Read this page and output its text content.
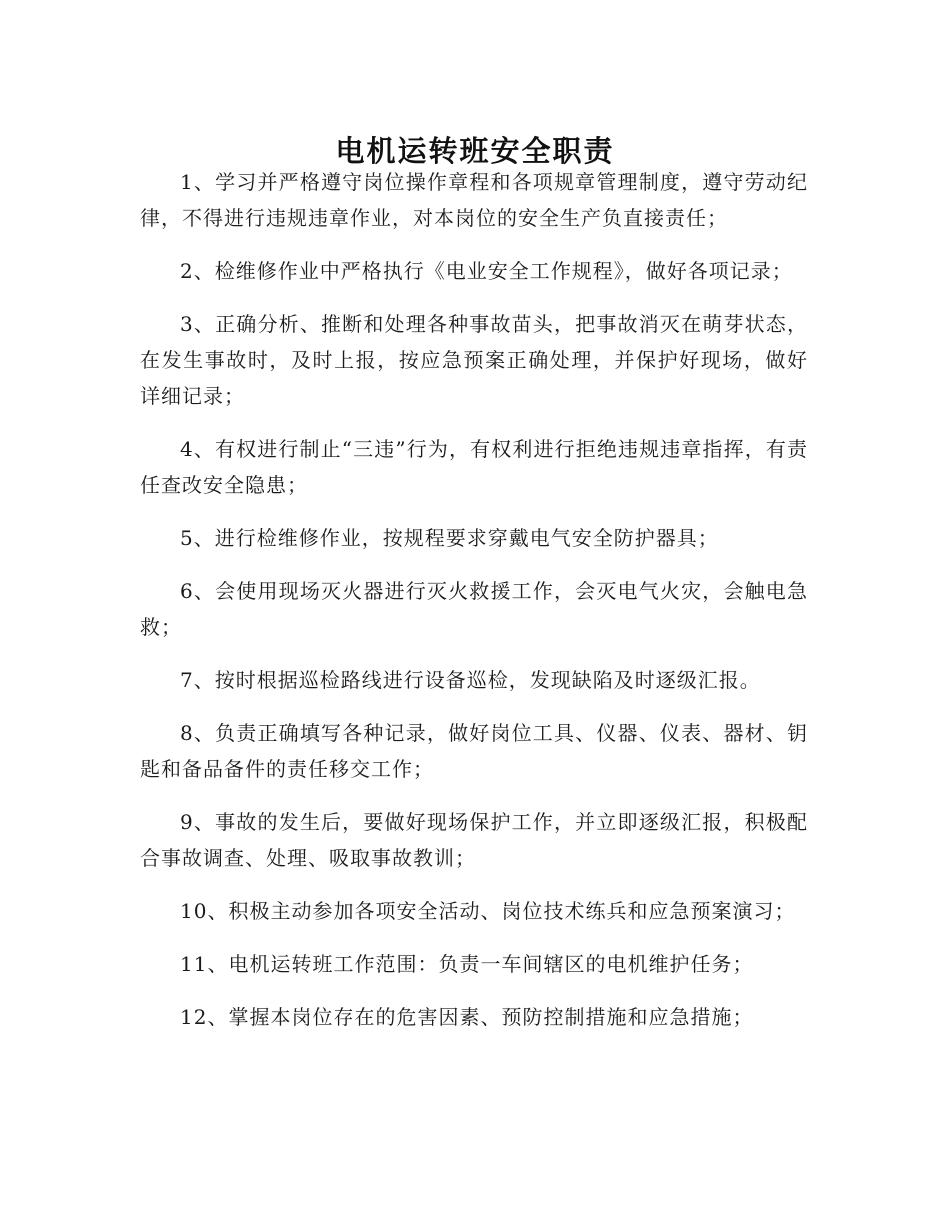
电机运转班安全职责

1、学习并严格遵守岗位操作章程和各项规章管理制度，遵守劳动纪律，不得进行违规违章作业，对本岗位的安全生产负直接责任；

2、检维修作业中严格执行《电业安全工作规程》，做好各项记录；

3、正确分析、推断和处理各种事故苗头，把事故消灭在萌芽状态，在发生事故时，及时上报，按应急预案正确处理，并保护好现场，做好详细记录；

4、有权进行制止“三违”行为，有权利进行拒绝违规违章指挥，有责任查改安全隐患；

5、进行检维修作业，按规程要求穿戴电气安全防护器具；

6、会使用现场灭火器进行灭火救援工作，会灭电气火灾，会触电急救；

7、按时根据巡检路线进行设备巡检，发现缺陷及时逐级汇报。

8、负责正确填写各种记录，做好岗位工具、仪器、仪表、器材、钥匙和备品备件的责任移交工作；

9、事故的发生后，要做好现场保护工作，并立即逐级汇报，积极配合事故调查、处理、吸取事故教训；

10、积极主动参加各项安全活动、岗位技术练兵和应急预案演习；

11、电机运转班工作范围：负责一车间辖区的电机维护任务；

12、掌握本岗位存在的危害因素、预防控制措施和应急措施；
